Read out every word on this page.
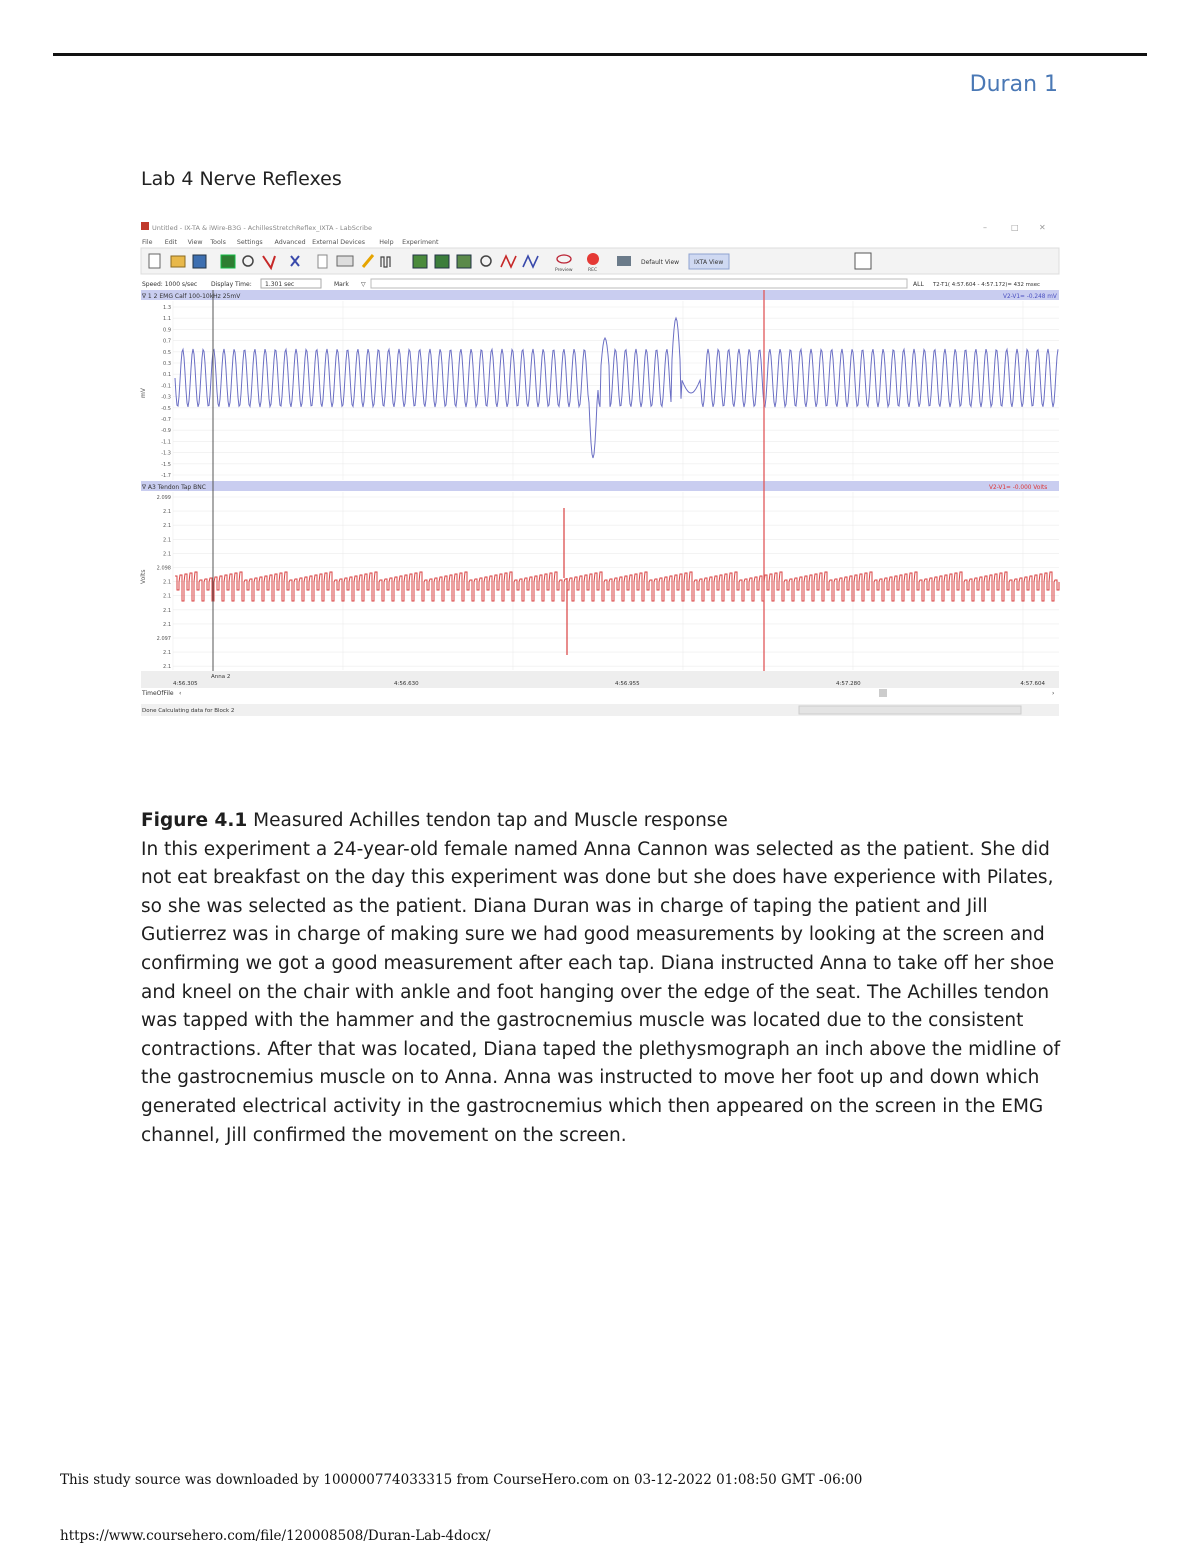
Duran 1
Lab 4 Nerve Reflexes
Untitled - IX-TA & iWire-B3G - AchillesStretchReflex_IXTA - LabScribe	–	□	✕
File Edit View Tools Settings Advanced External Devices Help Experiment
Preview	REC
Default View IXTA View
Speed: 1000 s/sec Display Time: 1.301 sec	Mark ▽	ALL T2-T1( 4:57.604 - 4:57.172)= 432 msec
∇ 1 2 EMG Calf 100-10kHz 25mV	V2-V1= -0.248 mV
1.3
1.1
0.9
0.7
0.5
0.3
0.1
-0.1
-0.3
-0.5
-0.7
-0.9
-1.1
-1.3
-1.5
-1.7
mV
∇ A3 Tendon Tap BNC	V2-V1= -0.000 Volts
2.099
2.1
2.1
2.1
2.1
2.098
2.1
2.1
2.1
2.1
2.097
2.1
2.1
Volts
Anna 2
4:56.305	4:56.630	4:56.955	4:57.280	4:57.604
TimeOfFile ‹	›
Done Calculating data for Block 2
Figure 4.1 Measured Achilles tendon tap and Muscle response
In this experiment a 24-year-old female named Anna Cannon was selected as the patient. She did not eat breakfast on the day this experiment was done but she does have experience with Pilates, so she was selected as the patient. Diana Duran was in charge of taping the patient and Jill Gutierrez was in charge of making sure we had good measurements by looking at the screen and confirming we got a good measurement after each tap. Diana instructed Anna to take off her shoe and kneel on the chair with ankle and foot hanging over the edge of the seat. The Achilles tendon was tapped with the hammer and the gastrocnemius muscle was located due to the consistent contractions. After that was located, Diana taped the plethysmograph an inch above the midline of the gastrocnemius muscle on to Anna. Anna was instructed to move her foot up and down which generated electrical activity in the gastrocnemius which then appeared on the screen in the EMG channel, Jill confirmed the movement on the screen.
This study source was downloaded by 100000774033315 from CourseHero.com on 03-12-2022 01:08:50 GMT -06:00
https://www.coursehero.com/file/120008508/Duran-Lab-4docx/
